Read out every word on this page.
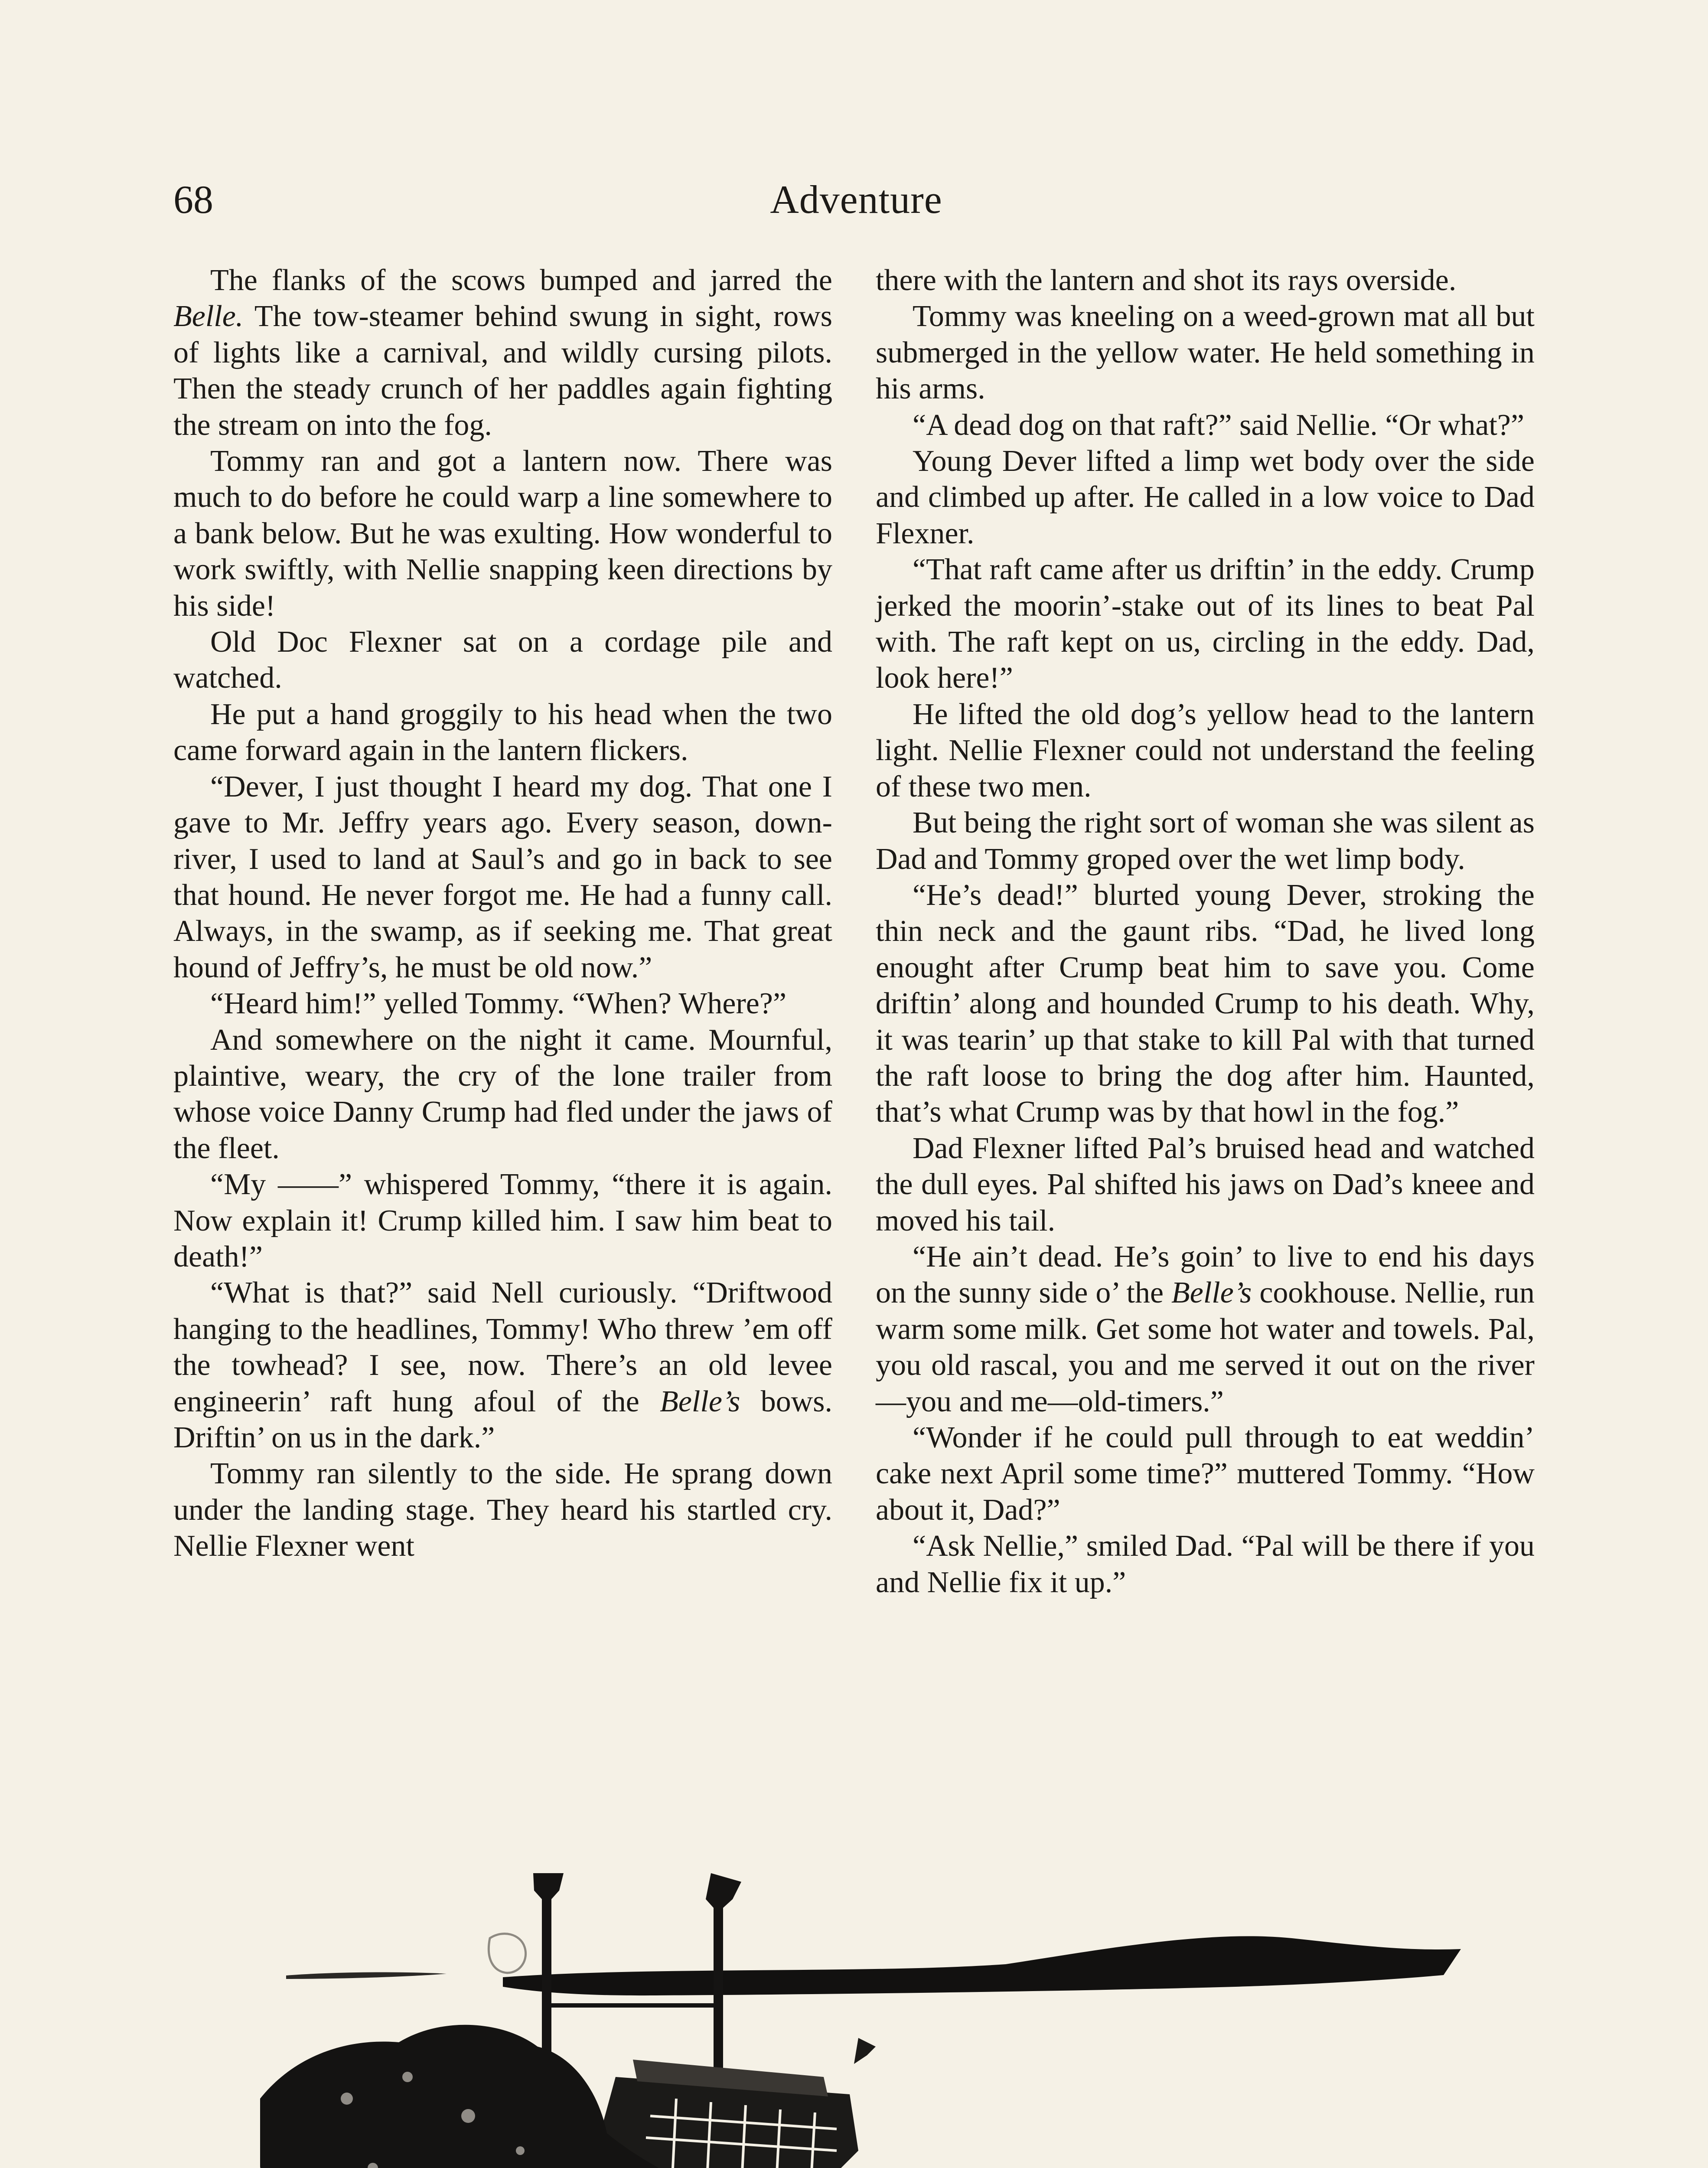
68	Adventure

The flanks of the scows bumped and jarred the Belle. The tow-steamer behind swung in sight, rows of lights like a carnival, and wildly cursing pilots. Then the steady crunch of her paddles again fighting the stream on into the fog.

Tommy ran and got a lantern now. There was much to do before he could warp a line somewhere to a bank below. But he was exulting. How wonderful to work swiftly, with Nellie snapping keen directions by his side!

Old Doc Flexner sat on a cordage pile and watched.

He put a hand groggily to his head when the two came forward again in the lantern flickers.

“Dever, I just thought I heard my dog. That one I gave to Mr. Jeffry years ago. Every season, down-river, I used to land at Saul’s and go in back to see that hound. He never forgot me. He had a funny call. Always, in the swamp, as if seeking me. That great hound of Jeffry’s, he must be old now.”

“Heard him!” yelled Tommy. “When? Where?”

And somewhere on the night it came. Mournful, plaintive, weary, the cry of the lone trailer from whose voice Danny Crump had fled under the jaws of the fleet.

“My ——” whispered Tommy, “there it is again. Now explain it! Crump killed him. I saw him beat to death!”

“What is that?” said Nell curiously. “Driftwood hanging to the headlines, Tommy! Who threw ’em off the towhead? I see, now. There’s an old levee engineerin’ raft hung afoul of the Belle’s bows. Driftin’ on us in the dark.”

Tommy ran silently to the side. He sprang down under the landing stage. They heard his startled cry. Nellie Flexner went

there with the lantern and shot its rays overside.

Tommy was kneeling on a weed-grown mat all but submerged in the yellow water. He held something in his arms.

“A dead dog on that raft?” said Nellie. “Or what?”

Young Dever lifted a limp wet body over the side and climbed up after. He called in a low voice to Dad Flexner.

“That raft came after us driftin’ in the eddy. Crump jerked the moorin’-stake out of its lines to beat Pal with. The raft kept on us, circling in the eddy. Dad, look here!”

He lifted the old dog’s yellow head to the lantern light. Nellie Flexner could not understand the feeling of these two men.

But being the right sort of woman she was silent as Dad and Tommy groped over the wet limp body.

“He’s dead!” blurted young Dever, stroking the thin neck and the gaunt ribs. “Dad, he lived long enought after Crump beat him to save you. Come driftin’ along and hounded Crump to his death. Why, it was tearin’ up that stake to kill Pal with that turned the raft loose to bring the dog after him. Haunted, that’s what Crump was by that howl in the fog.”

Dad Flexner lifted Pal’s bruised head and watched the dull eyes. Pal shifted his jaws on Dad’s kneee and moved his tail.

“He ain’t dead. He’s goin’ to live to end his days on the sunny side o’ the Belle’s cookhouse. Nellie, run warm some milk. Get some hot water and towels. Pal, you old rascal, you and me served it out on the river—you and me—old-timers.”

“Wonder if he could pull through to eat weddin’ cake next April some time?” muttered Tommy. “How about it, Dad?”

“Ask Nellie,” smiled Dad. “Pal will be there if you and Nellie fix it up.”
